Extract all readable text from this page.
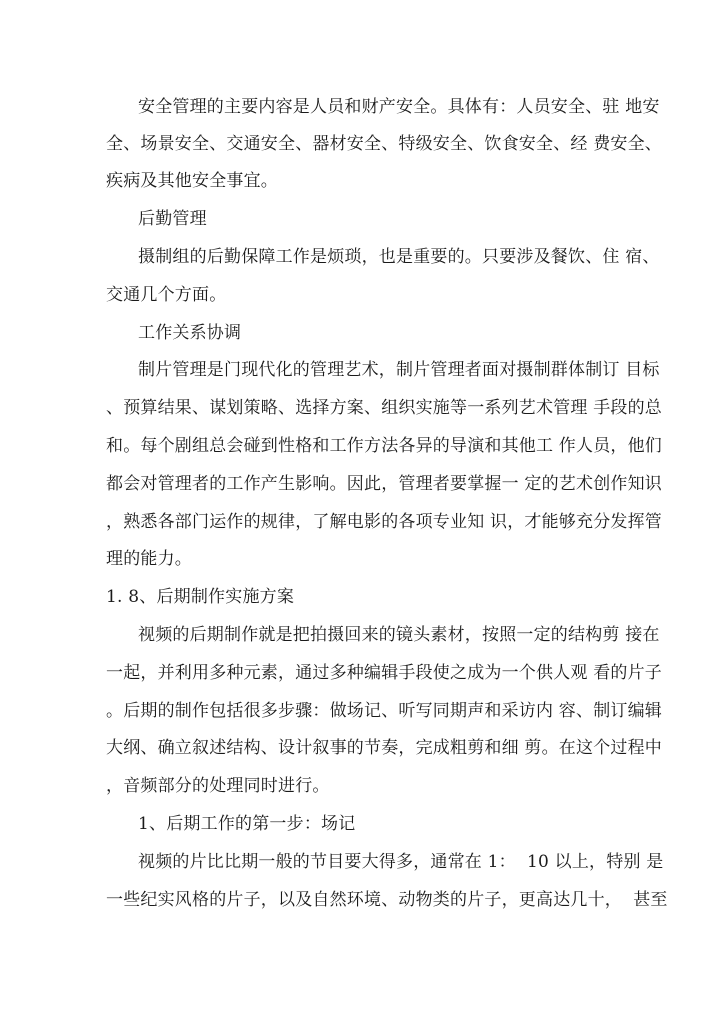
安全管理的主要内容是人员和财产安全。具体有：人员安全、驻 地安
全、场景安全、交通安全、器材安全、特级安全、饮食安全、经 费安全、
疾病及其他安全事宜。
后勤管理
摄制组的后勤保障工作是烦琐，也是重要的。只要涉及餐饮、住 宿、
交通几个方面。
工作关系协调
制片管理是门现代化的管理艺术，制片管理者面对摄制群体制订 目标
、预算结果、谋划策略、选择方案、组织实施等一系列艺术管理 手段的总
和。每个剧组总会碰到性格和工作方法各异的导演和其他工 作人员，他们
都会对管理者的工作产生影响。因此，管理者要掌握一 定的艺术创作知识
，熟悉各部门运作的规律，了解电影的各项专业知 识，才能够充分发挥管
理的能力。
1. 8、后期制作实施方案
视频的后期制作就是把拍摄回来的镜头素材，按照一定的结构剪 接在
一起，并利用多种元素，通过多种编辑手段使之成为一个供人观 看的片子
。后期的制作包括很多步骤：做场记、听写同期声和采访内 容、制订编辑
大纲、确立叙述结构、设计叙事的节奏，完成粗剪和细 剪。在这个过程中
，音频部分的处理同时进行。
1、后期工作的第一步：场记
视频的片比比期一般的节目要大得多，通常在 1：  10 以上，特别 是
一些纪实风格的片子，以及自然环境、动物类的片子，更高达几十，  甚至
